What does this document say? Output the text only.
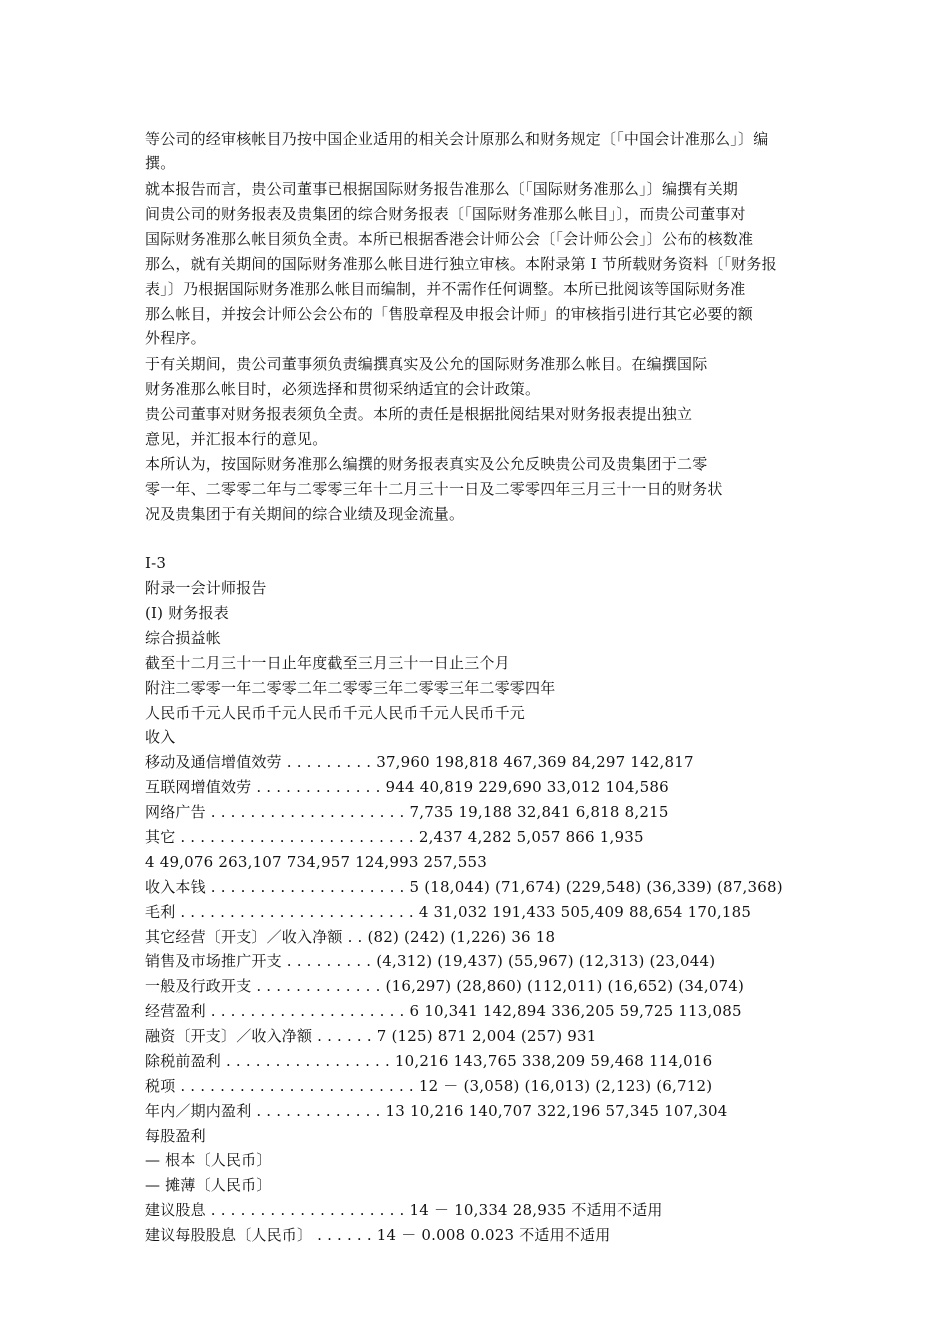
等公司的经审核帐目乃按中国企业适用的相关会计原那么和财务规定〔「中国会计准那么」〕编
撰。
就本报告而言，贵公司董事已根据国际财务报告准那么〔「国际财务准那么」〕编撰有关期
间贵公司的财务报表及贵集团的综合财务报表〔「国际财务准那么帐目」〕，而贵公司董事对
国际财务准那么帐目须负全责。本所已根据香港会计师公会〔「会计师公会」〕公布的核数准
那么，就有关期间的国际财务准那么帐目进行独立审核。本附录第 I 节所载财务资料〔「财务报
表」〕乃根据国际财务准那么帐目而编制，并不需作任何调整。本所已批阅该等国际财务准
那么帐目，并按会计师公会公布的「售股章程及申报会计师」的审核指引进行其它必要的额
外程序。
于有关期间，贵公司董事须负责编撰真实及公允的国际财务准那么帐目。在编撰国际
财务准那么帐目时，必须选择和贯彻采纳适宜的会计政策。
贵公司董事对财务报表须负全责。本所的责任是根据批阅结果对财务报表提出独立
意见，并汇报本行的意见。
本所认为，按国际财务准那么编撰的财务报表真实及公允反映贵公司及贵集团于二零
零一年、二零零二年与二零零三年十二月三十一日及二零零四年三月三十一日的财务状
况及贵集团于有关期间的综合业绩及现金流量。
I-3
附录一会计师报告
(I) 财务报表
综合损益帐
截至十二月三十一日止年度截至三月三十一日止三个月
附注二零零一年二零零二年二零零三年二零零三年二零零四年
人民币千元人民币千元人民币千元人民币千元人民币千元
收入
移动及通信增值效劳 . . . . . . . . . 37,960 198,818 467,369 84,297 142,817
互联网增值效劳 . . . . . . . . . . . . . 944 40,819 229,690 33,012 104,586
网络广告 . . . . . . . . . . . . . . . . . . . . 7,735 19,188 32,841 6,818 8,215
其它 . . . . . . . . . . . . . . . . . . . . . . . . 2,437 4,282 5,057 866 1,935
4 49,076 263,107 734,957 124,993 257,553
收入本钱 . . . . . . . . . . . . . . . . . . . . 5 (18,044) (71,674) (229,548) (36,339) (87,368)
毛利 . . . . . . . . . . . . . . . . . . . . . . . . 4 31,032 191,433 505,409 88,654 170,185
其它经营〔开支〕／收入净额 . . (82) (242) (1,226) 36 18
销售及市场推广开支 . . . . . . . . . (4,312) (19,437) (55,967) (12,313) (23,044)
一般及行政开支 . . . . . . . . . . . . . (16,297) (28,860) (112,011) (16,652) (34,074)
经营盈利 . . . . . . . . . . . . . . . . . . . . 6 10,341 142,894 336,205 59,725 113,085
融资〔开支〕／收入净额 . . . . . . 7 (125) 871 2,004 (257) 931
除税前盈利 . . . . . . . . . . . . . . . . . 10,216 143,765 338,209 59,468 114,016
税项 . . . . . . . . . . . . . . . . . . . . . . . . 12 － (3,058) (16,013) (2,123) (6,712)
年内／期内盈利 . . . . . . . . . . . . . 13 10,216 140,707 322,196 57,345 107,304
每股盈利
— 根本〔人民币〕
— 摊薄〔人民币〕
建议股息 . . . . . . . . . . . . . . . . . . . . 14 － 10,334 28,935 不适用不适用
建议每股股息〔人民币〕 . . . . . . 14 － 0.008 0.023 不适用不适用
